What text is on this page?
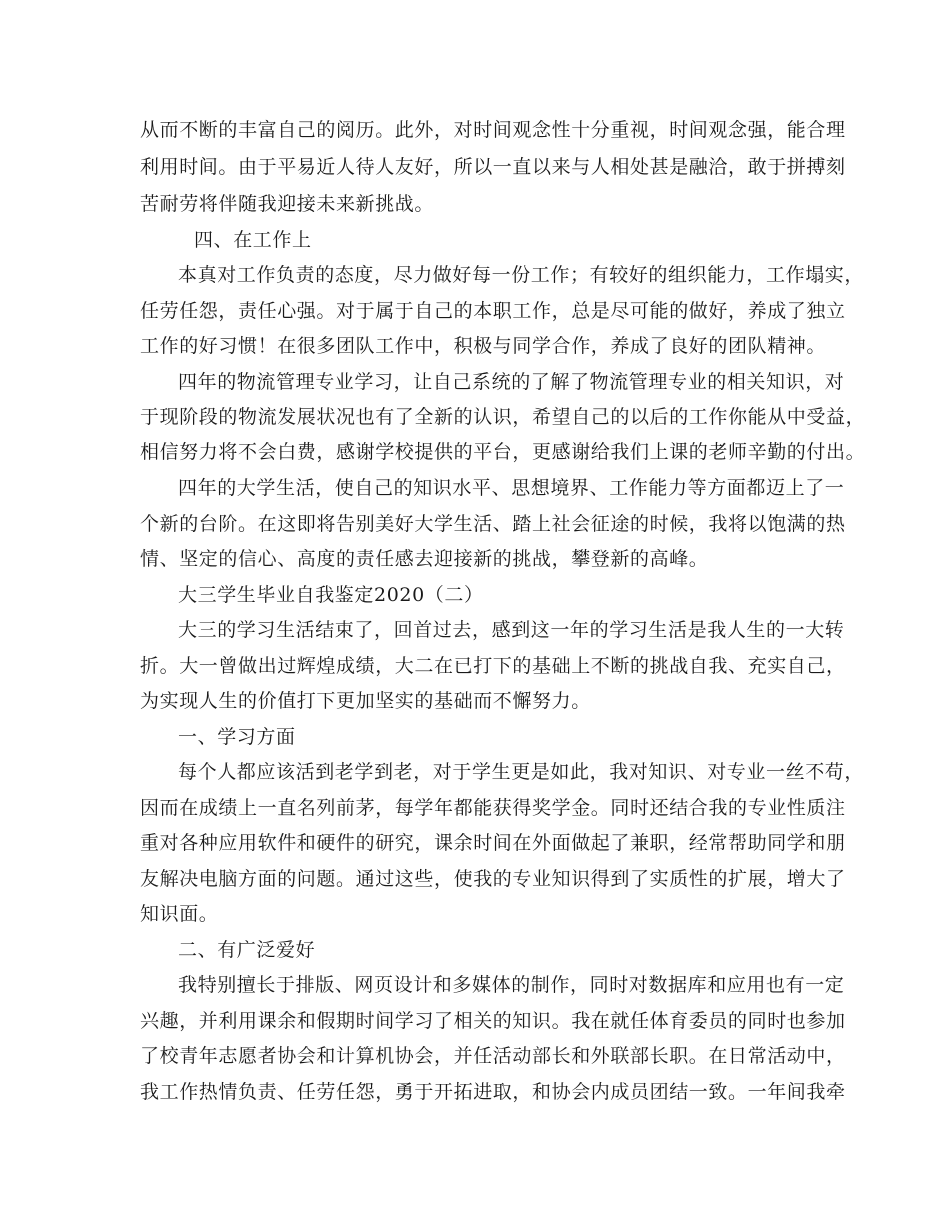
从而不断的丰富自己的阅历。此外，对时间观念性十分重视，时间观念强，能合理
利用时间。由于平易近人待人友好，所以一直以来与人相处甚是融洽，敢于拼搏刻
苦耐劳将伴随我迎接未来新挑战。
四、在工作上
本真对工作负责的态度，尽力做好每一份工作；有较好的组织能力，工作塌实，
任劳任怨，责任心强。对于属于自己的本职工作，总是尽可能的做好，养成了独立
工作的好习惯！在很多团队工作中，积极与同学合作，养成了良好的团队精神。
四年的物流管理专业学习，让自己系统的了解了物流管理专业的相关知识，对
于现阶段的物流发展状况也有了全新的认识，希望自己的以后的工作你能从中受益，
相信努力将不会白费，感谢学校提供的平台，更感谢给我们上课的老师辛勤的付出。
四年的大学生活，使自己的知识水平、思想境界、工作能力等方面都迈上了一
个新的台阶。在这即将告别美好大学生活、踏上社会征途的时候，我将以饱满的热
情、坚定的信心、高度的责任感去迎接新的挑战，攀登新的高峰。
大三学生毕业自我鉴定2020（二）
大三的学习生活结束了，回首过去，感到这一年的学习生活是我人生的一大转
折。大一曾做出过辉煌成绩，大二在已打下的基础上不断的挑战自我、充实自己，
为实现人生的价值打下更加坚实的基础而不懈努力。
一、学习方面
每个人都应该活到老学到老，对于学生更是如此，我对知识、对专业一丝不苟，
因而在成绩上一直名列前茅，每学年都能获得奖学金。同时还结合我的专业性质注
重对各种应用软件和硬件的研究，课余时间在外面做起了兼职，经常帮助同学和朋
友解决电脑方面的问题。通过这些，使我的专业知识得到了实质性的扩展，增大了
知识面。
二、有广泛爱好
我特别擅长于排版、网页设计和多媒体的制作，同时对数据库和应用也有一定
兴趣，并利用课余和假期时间学习了相关的知识。我在就任体育委员的同时也参加
了校青年志愿者协会和计算机协会，并任活动部长和外联部长职。在日常活动中，
我工作热情负责、任劳任怨，勇于开拓进取，和协会内成员团结一致。一年间我牵
